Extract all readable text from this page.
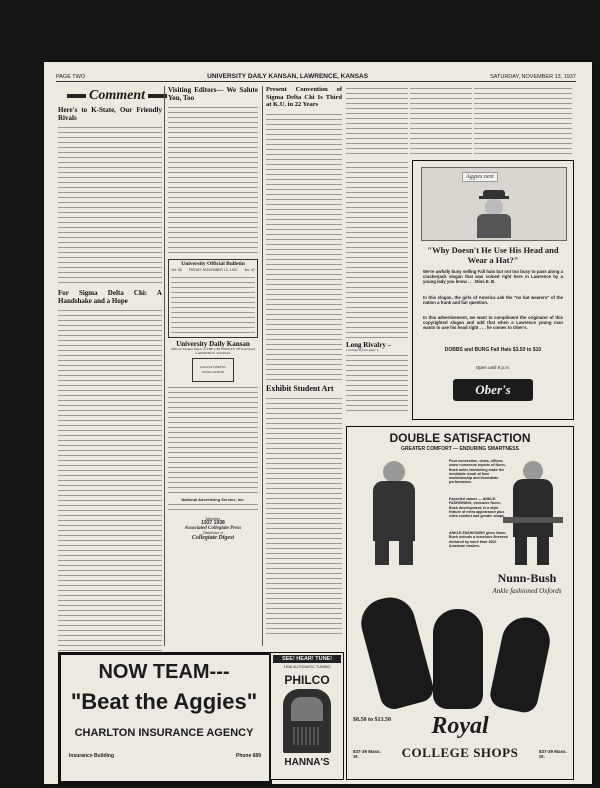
PAGE TWO	UNIVERSITY DAILY KANSAN, LAWRENCE, KANSAS	SATURDAY, NOVEMBER 13, 1937
Comment
Here's to K-State, Our Friendly Rivals
For Sigma Delta Chi: A Handshake and a Hope
Visiting Editors— We Salute You, Too
University Official Bulletin
Vol. 35 FRIDAY, NOVEMBER 12, 1937 No. 47
University Daily Kansan
Official Student Paper of THE UNIVERSITY OF KANSAS LAWRENCE, KANSAS
KANSAS PRESS ASSOCIATION
National Advertising Service, Inc.
Member
1937 1938
Associated Collegiate Press
Distributor of
Collegiate Digest
Present Convention of Sigma Delta Chi Is Third at K.U. in 22 Years
Exhibit Student Art
Long Rivalry –
Continued from page 1
Aggies next
"Why Doesn't He Use His Head and Wear a Hat?"
We're awfully busy selling Fall hats but not too busy to pass along a crackerjack slogan that was coined right here in Lawrence by a young lady you know . . . Miss E. B.
In this slogan, the girls of America ask the "no hat wearers" of the nation a frank and fair question.
In this advertisement, we want to compliment the originator of this copyrighted slogan and add that when a Lawrence young man wants to use his head right . . . he comes to Ober's.
DOBBS and BURG Fall Hats $3.50 to $10
Open until 9 p.m.
Ober's
DOUBLE SATISFACTION
GREATER COMFORT — ENDURING SMARTNESS
Poor connection, clubs, offices, some numerous reports of Nunn-Bush ankle-fashioning make the inevitable result of finer workmanship and immediate performance.
Expected values — ANKLE-FASHIONING, exclusive Nunn-Bush development, is a style feature of extra appearance plus extra comfort and greater shape.
ANKLE-FASHIONING gives Nunn-Bush oxfords a luxurious fineness declared by more than 1600 American dealers.
Nunn-Bush
Ankle fashioned Oxfords
$8.50 to $13.50	Royal
COLLEGE SHOPS
837-39 Mass. St.
837-39 Mass. St.
NOW TEAM---
"Beat the Aggies"
CHARLTON INSURANCE AGENCY
Insurance Building	Phone 689
SEE! HEAR! TUNE!
1938 AUTOMATIC TUNING
PHILCO
HANNA'S
